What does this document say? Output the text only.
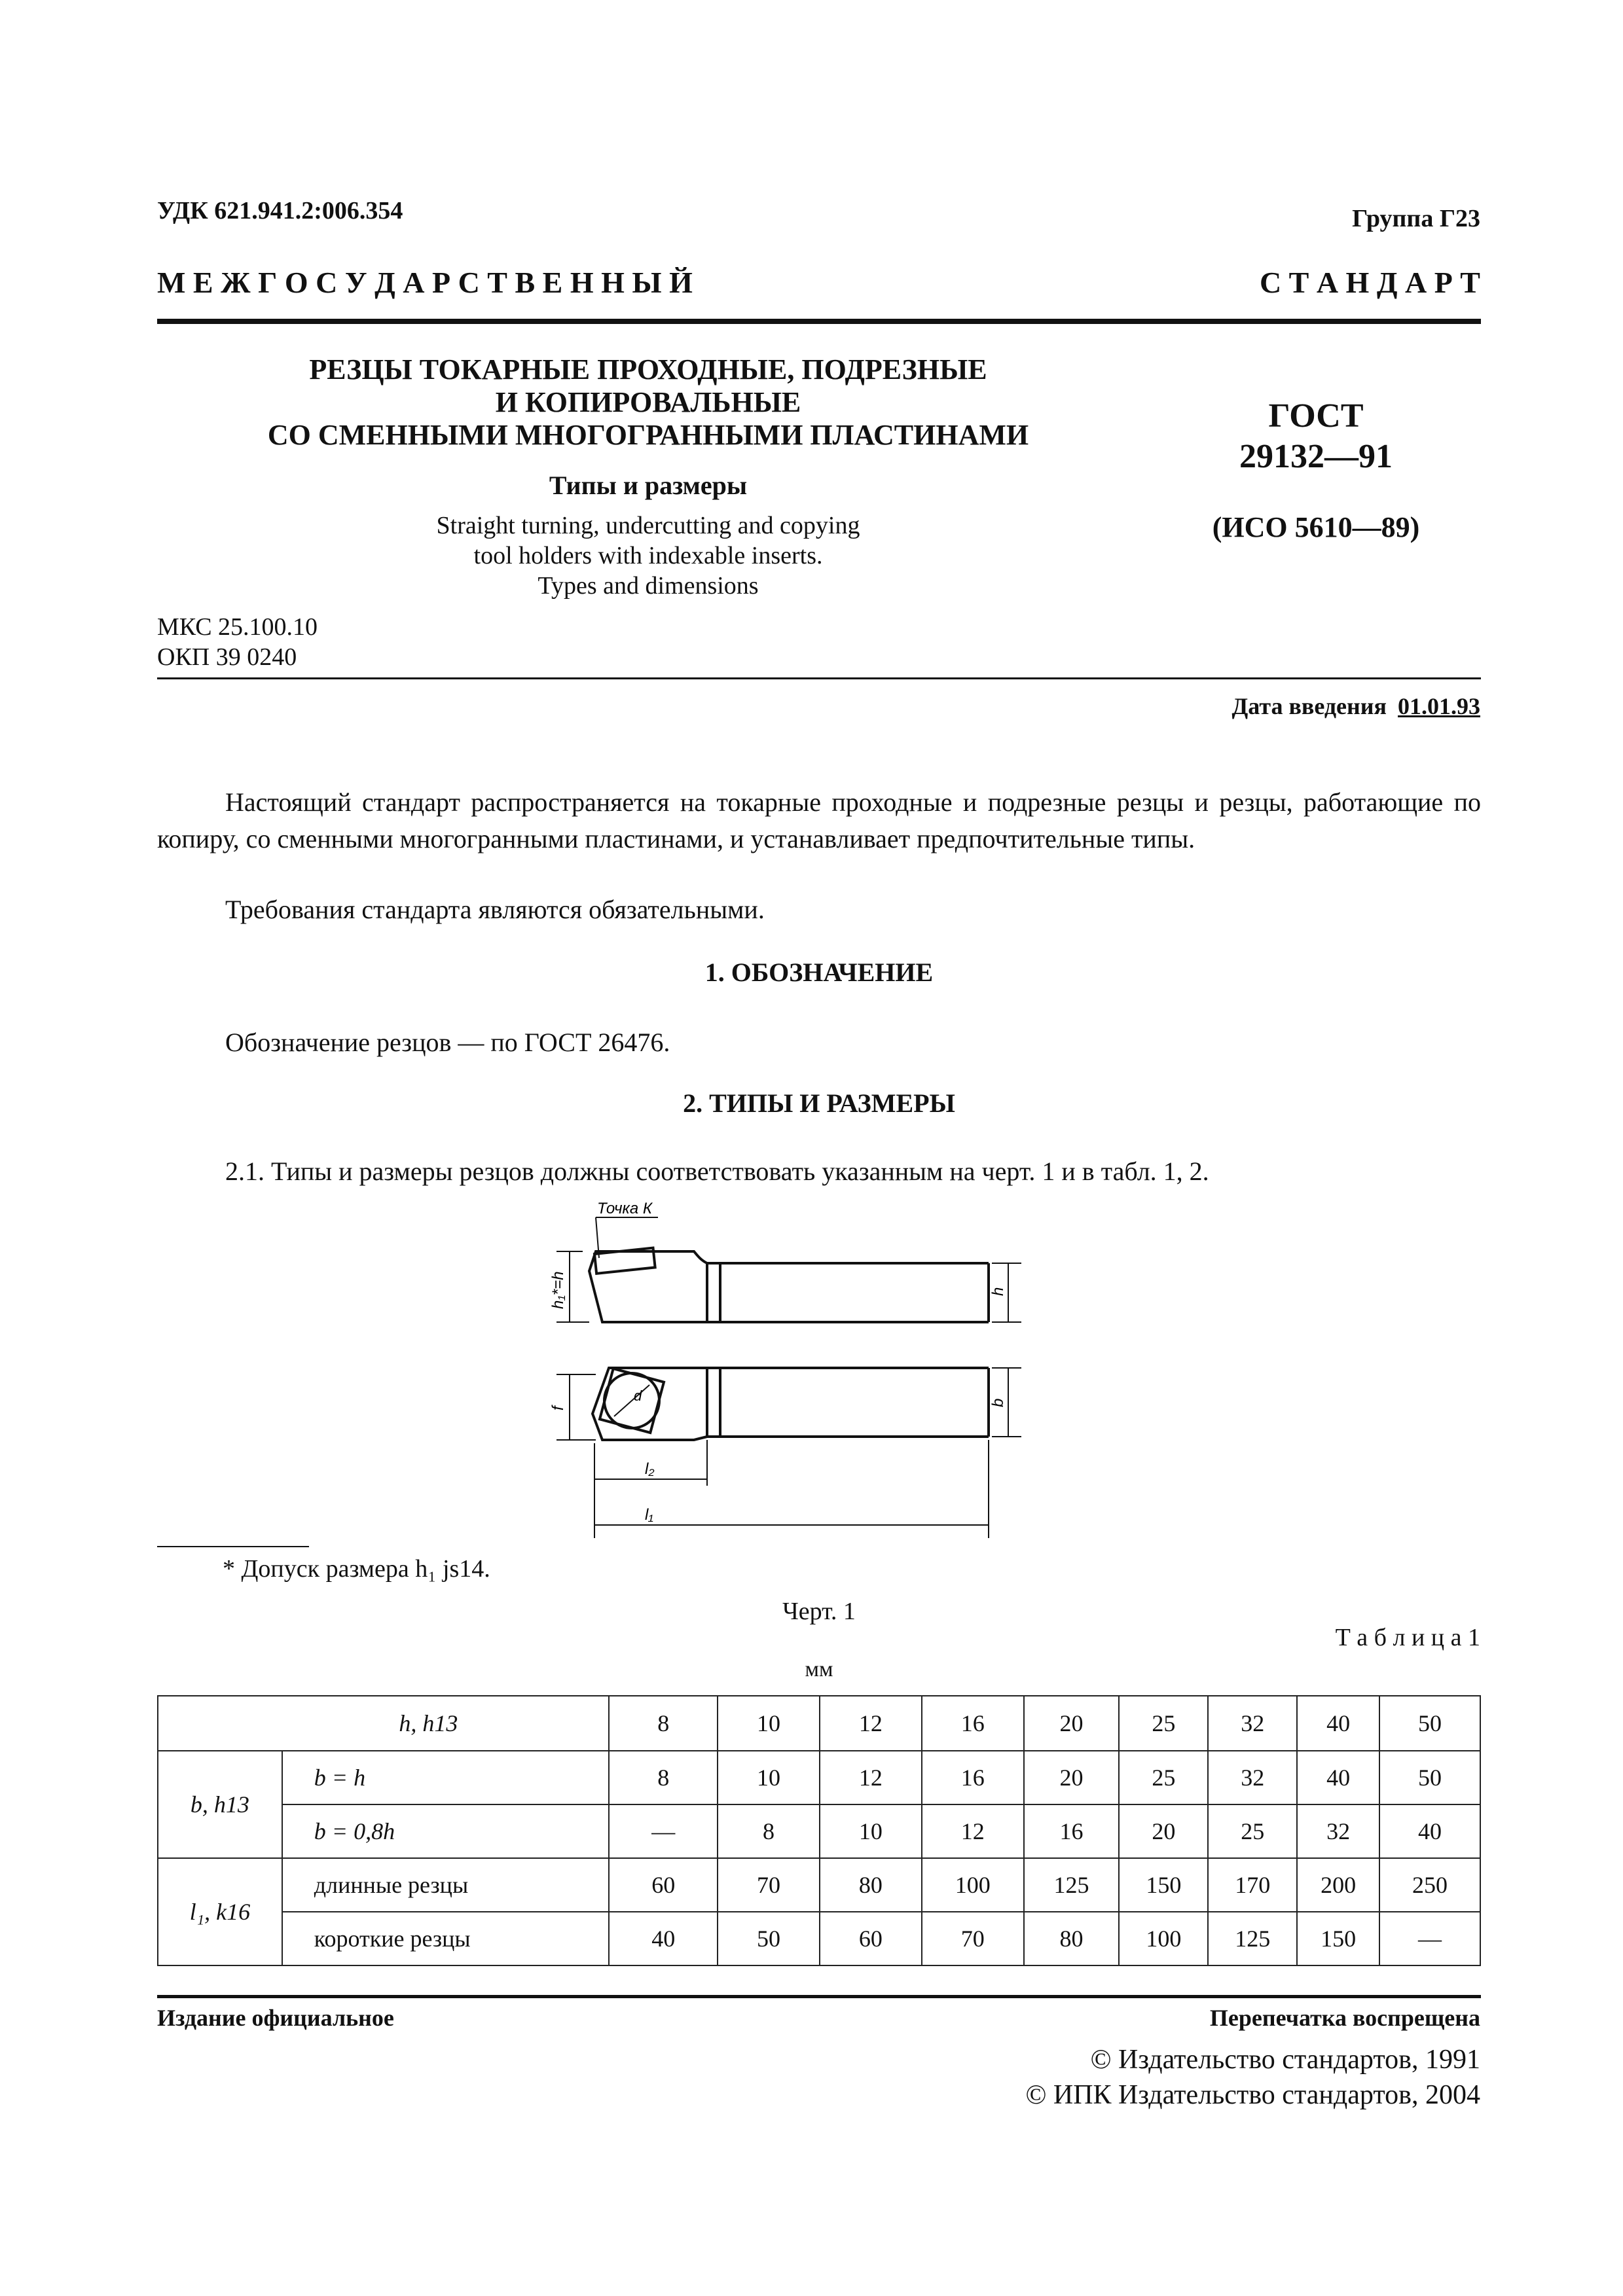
УДК 621.941.2:006.354	Группа Г23
М Е Ж Г О С У Д А Р С Т В Е Н Н Ы Й	С Т А Н Д А Р Т
РЕЗЦЫ ТОКАРНЫЕ ПРОХОДНЫЕ, ПОДРЕЗНЫЕ
И КОПИРОВАЛЬНЫЕ
СО СМЕННЫМИ МНОГОГРАННЫМИ ПЛАСТИНАМИ
Типы и размеры
Straight turning, undercutting and copying
tool holders with indexable inserts.
Types and dimensions
ГОСТ
29132—91
(ИСО 5610—89)
МКС 25.100.10
ОКП 39 0240
Дата введения 01.01.93
Настоящий стандарт распространяется на токарные проходные и подрезные резцы и резцы, работающие по копиру, со сменными многогранными пластинами, и устанавливает предпочтительные типы.
Требования стандарта являются обязательными.
1. ОБОЗНАЧЕНИЕ
Обозначение резцов — по ГОСТ 26476.
2. ТИПЫ И РАЗМЕРЫ
2.1. Типы и размеры резцов должны соответствовать указанным на черт. 1 и в табл. 1, 2.
Точка К
h₁*=h	h
f
d	b
l₂
l₁
* Допуск размера h₁ js14.
Черт. 1
Т а б л и ц а 1
мм
h, h13		8	10	12	16	20	25	32	40	50
b, h13	b = h	8	10	12	16	20	25	32	40	50
	b = 0,8h	—	8	10	12	16	20	25	32	40
l₁, k16	длинные резцы	60	70	80	100	125	150	170	200	250
	короткие резцы	40	50	60	70	80	100	125	150	—
Издание официальное	Перепечатка воспрещена
© Издательство стандартов, 1991
© ИПК Издательство стандартов, 2004
